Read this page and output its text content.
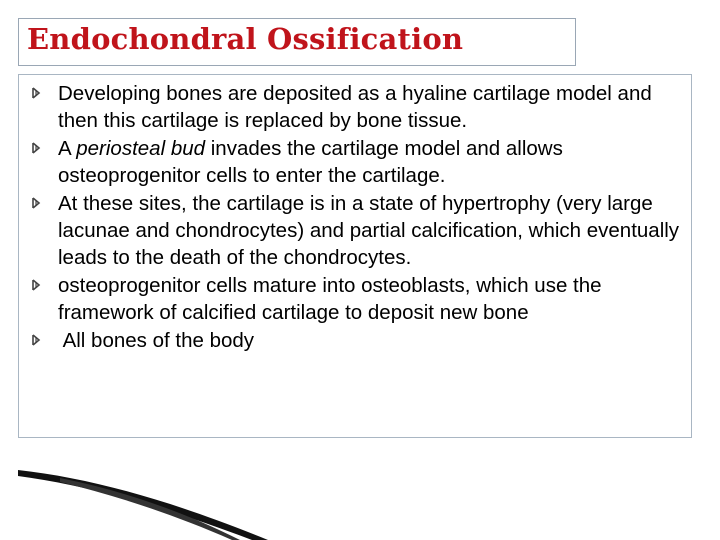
Endochondral Ossification
Developing bones are deposited as a hyaline cartilage model and then this cartilage is replaced by bone tissue.
A periosteal bud invades the cartilage model and allows osteoprogenitor cells to enter the cartilage.
At these sites, the cartilage is in a state of hypertrophy (very large lacunae and chondrocytes) and partial calcification, which eventually leads to the death of the chondrocytes.
osteoprogenitor cells mature into osteoblasts, which use the framework of calcified cartilage to deposit new bone
All bones of the body
